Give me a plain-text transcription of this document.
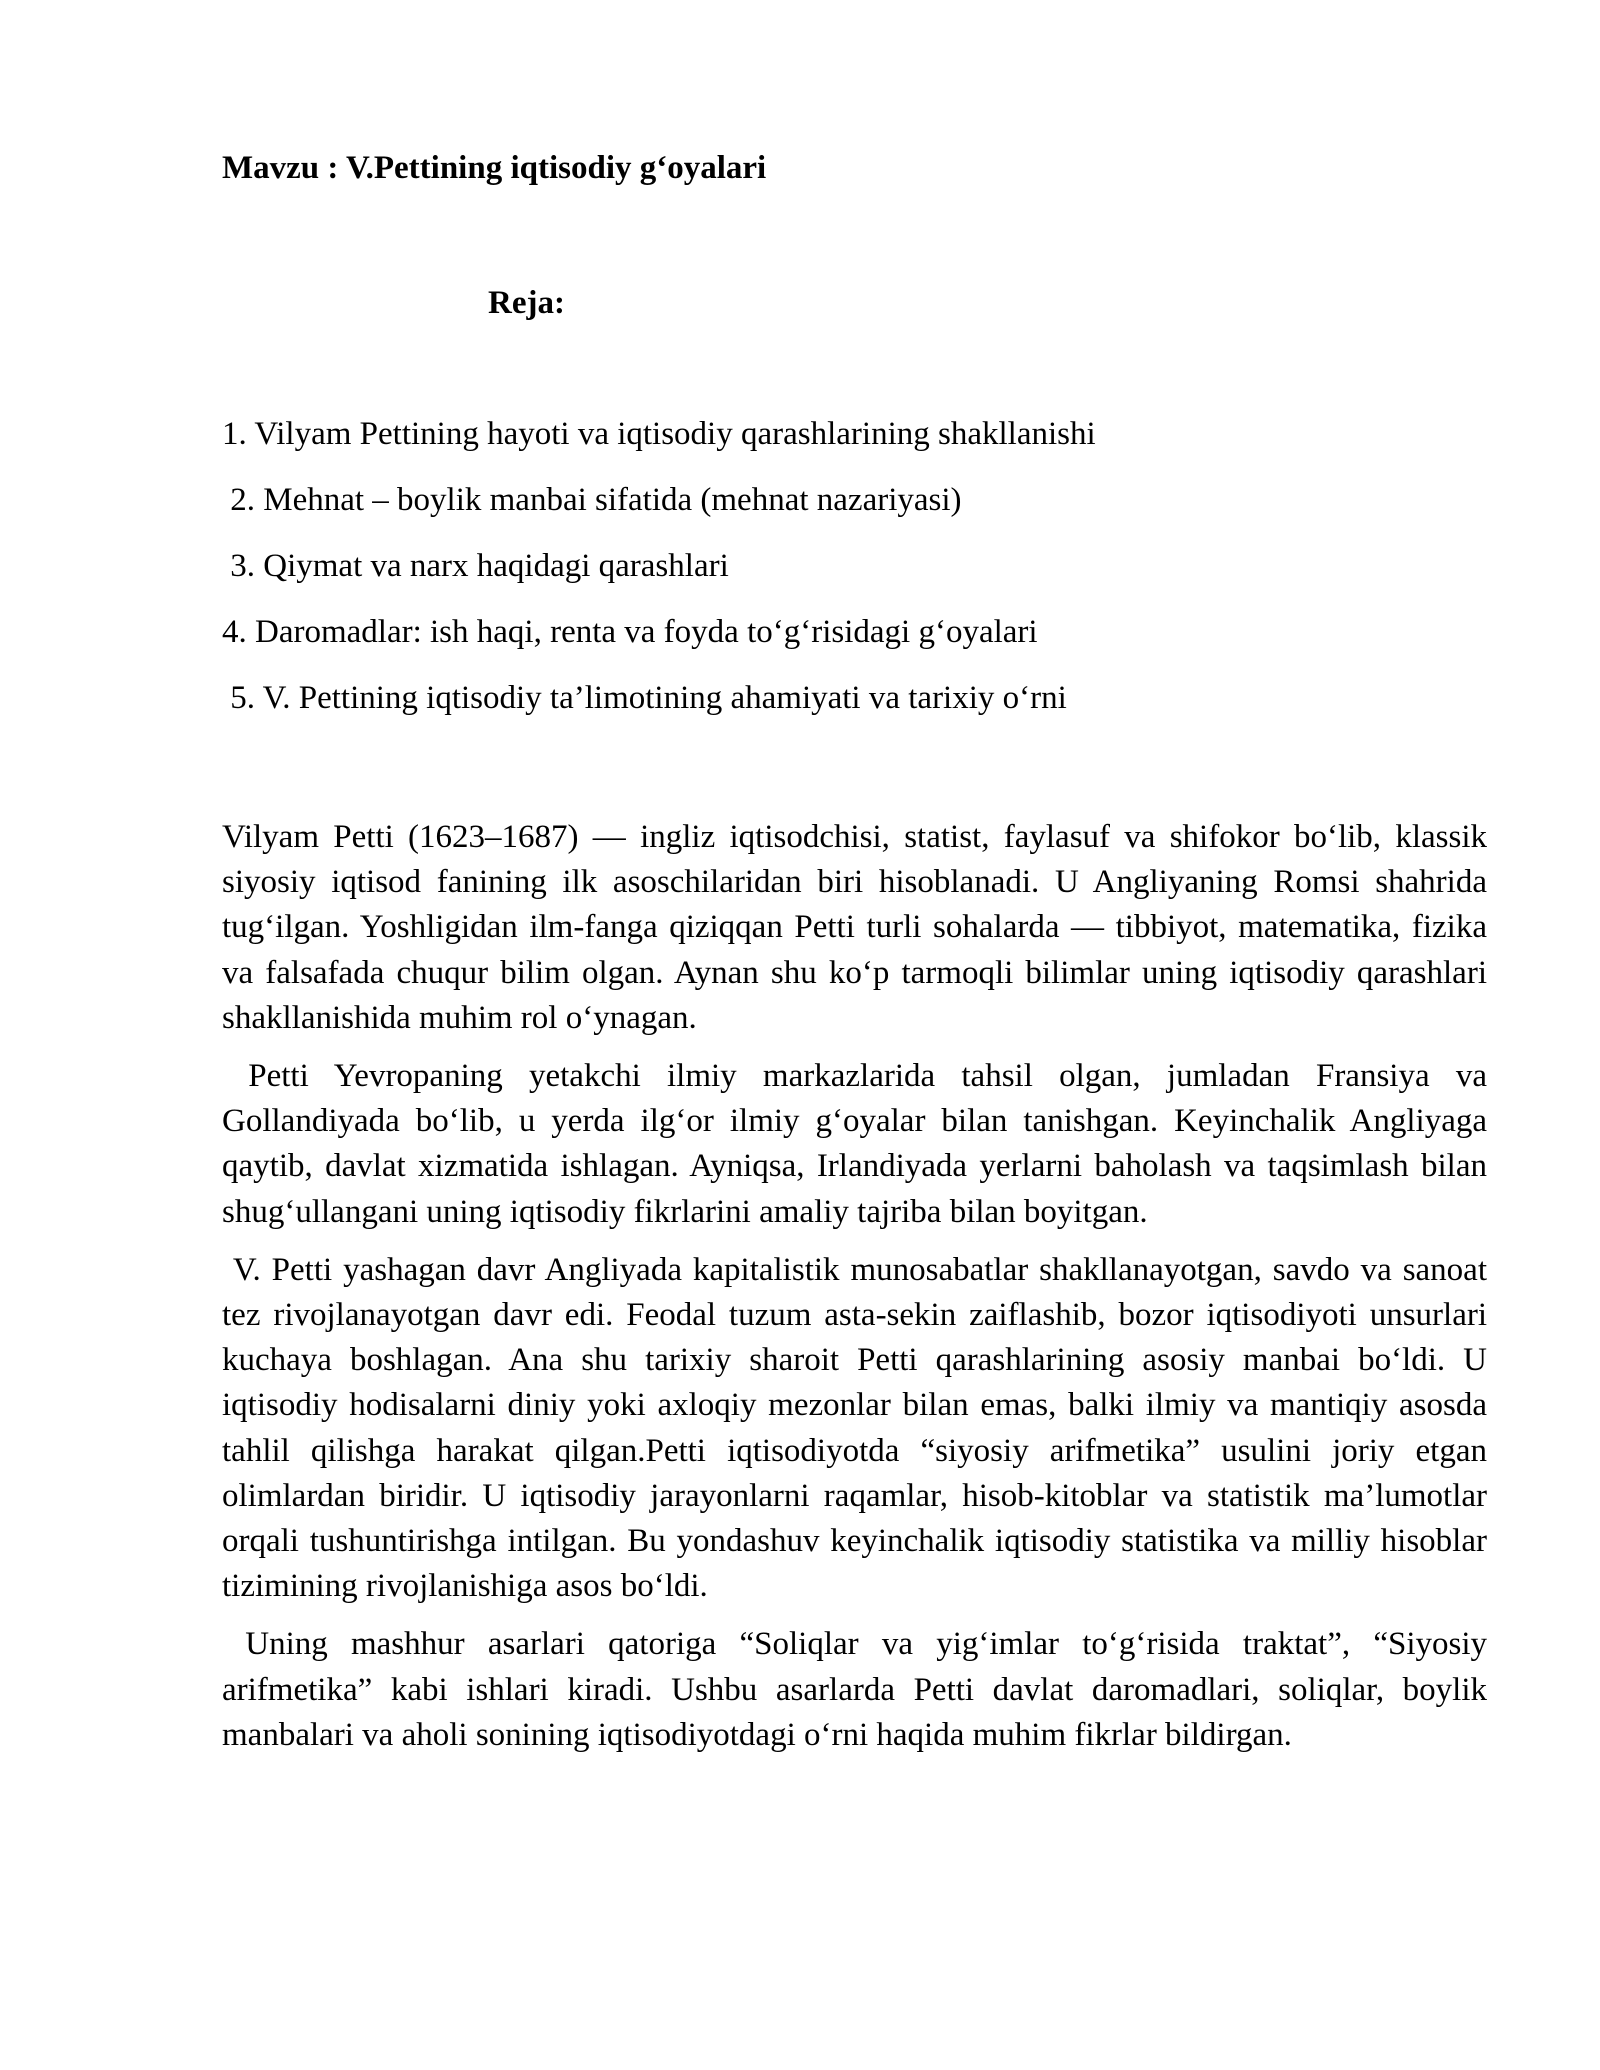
Mavzu : V.Pettining iqtisodiy g‘oyalari
Reja:
1. Vilyam Pettining hayoti va iqtisodiy qarashlarining shakllanishi
2. Mehnat – boylik manbai sifatida (mehnat nazariyasi)
3. Qiymat va narx haqidagi qarashlari
4. Daromadlar: ish haqi, renta va foyda to‘g‘risidagi g‘oyalari
5. V. Pettining iqtisodiy ta’limotining ahamiyati va tarixiy o‘rni

Vilyam Petti (1623–1687) — ingliz iqtisodchisi, statist, faylasuf va shifokor bo‘lib, klassik siyosiy iqtisod fanining ilk asoschilaridan biri hisoblanadi. U Angliyaning Romsi shahrida tug‘ilgan. Yoshligidan ilm-fanga qiziqqan Petti turli sohalarda — tibbiyot, matematika, fizika va falsafada chuqur bilim olgan. Aynan shu ko‘p tarmoqli bilimlar uning iqtisodiy qarashlari shakllanishida muhim rol o‘ynagan.

Petti Yevropaning yetakchi ilmiy markazlarida tahsil olgan, jumladan Fransiya va Gollandiyada bo‘lib, u yerda ilg‘or ilmiy g‘oyalar bilan tanishgan. Keyinchalik Angliyaga qaytib, davlat xizmatida ishlagan. Ayniqsa, Irlandiyada yerlarni baholash va taqsimlash bilan shug‘ullangani uning iqtisodiy fikrlarini amaliy tajriba bilan boyitgan.

V. Petti yashagan davr Angliyada kapitalistik munosabatlar shakllanayotgan, savdo va sanoat tez rivojlanayotgan davr edi. Feodal tuzum asta-sekin zaiflashib, bozor iqtisodiyoti unsurlari kuchaya boshlagan. Ana shu tarixiy sharoit Petti qarashlarining asosiy manbai bo‘ldi. U iqtisodiy hodisalarni diniy yoki axloqiy mezonlar bilan emas, balki ilmiy va mantiqiy asosda tahlil qilishga harakat qilgan.Petti iqtisodiyotda “siyosiy arifmetika” usulini joriy etgan olimlardan biridir. U iqtisodiy jarayonlarni raqamlar, hisob-kitoblar va statistik ma’lumotlar orqali tushuntirishga intilgan. Bu yondashuv keyinchalik iqtisodiy statistika va milliy hisoblar tizimining rivojlanishiga asos bo‘ldi.

Uning mashhur asarlari qatoriga “Soliqlar va yig‘imlar to‘g‘risida traktat”, “Siyosiy arifmetika” kabi ishlari kiradi. Ushbu asarlarda Petti davlat daromadlari, soliqlar, boylik manbalari va aholi sonining iqtisodiyotdagi o‘rni haqida muhim fikrlar bildirgan.
